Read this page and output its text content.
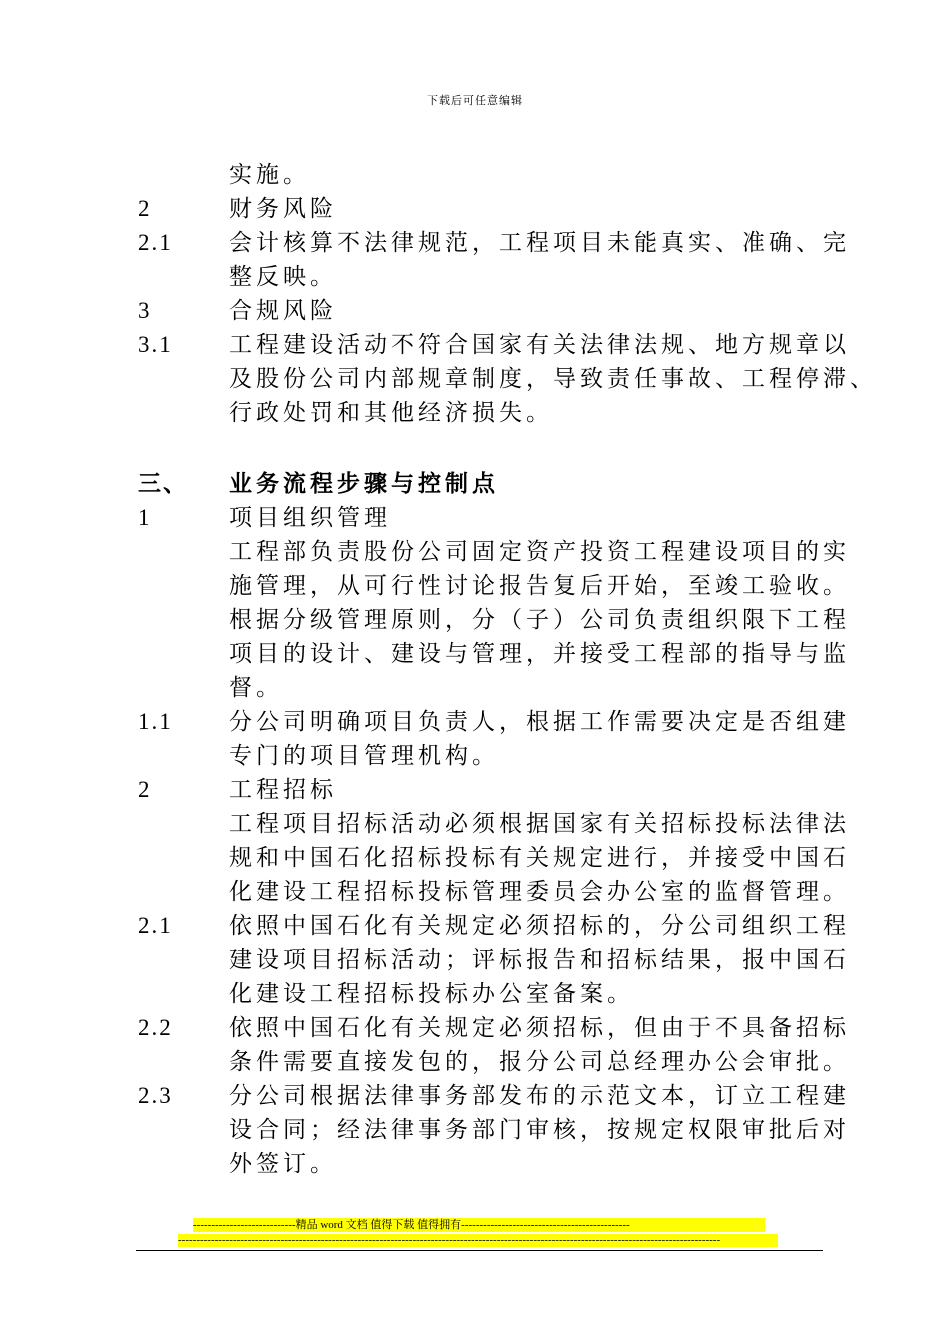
下载后可任意编辑
实施。
2	财务风险
2.1 会计核算不法律规范，工程项目未能真实、准确、完
整反映。
3	合规风险
3.1 工程建设活动不符合国家有关法律法规、地方规章以
及股份公司内部规章制度，导致责任事故、工程停滞、
行政处罚和其他经济损失。
三、 业务流程步骤与控制点
1	项目组织管理
工程部负责股份公司固定资产投资工程建设项目的实
施管理，从可行性讨论报告复后开始，至竣工验收。
根据分级管理原则，分（子）公司负责组织限下工程
项目的设计、建设与管理，并接受工程部的指导与监
督。
1.1 分公司明确项目负责人，根据工作需要决定是否组建
专门的项目管理机构。
2	工程招标
工程项目招标活动必须根据国家有关招标投标法律法
规和中国石化招标投标有关规定进行，并接受中国石
化建设工程招标投标管理委员会办公室的监督管理。
2.1 依照中国石化有关规定必须招标的，分公司组织工程
建设项目招标活动；评标报告和招标结果，报中国石
化建设工程招标投标办公室备案。
2.2 依照中国石化有关规定必须招标，但由于不具备招标
条件需要直接发包的，报分公司总经理办公会审批。
2.3 分公司根据法律事务部发布的示范文本，订立工程建
设合同；经法律事务部门审核，按规定权限审批后对
外签订。
----------------------------精品 word 文档 值得下载 值得拥有----------------------------------------------
----------------------------------------------------------------------------------------------------------------------------------------------------
